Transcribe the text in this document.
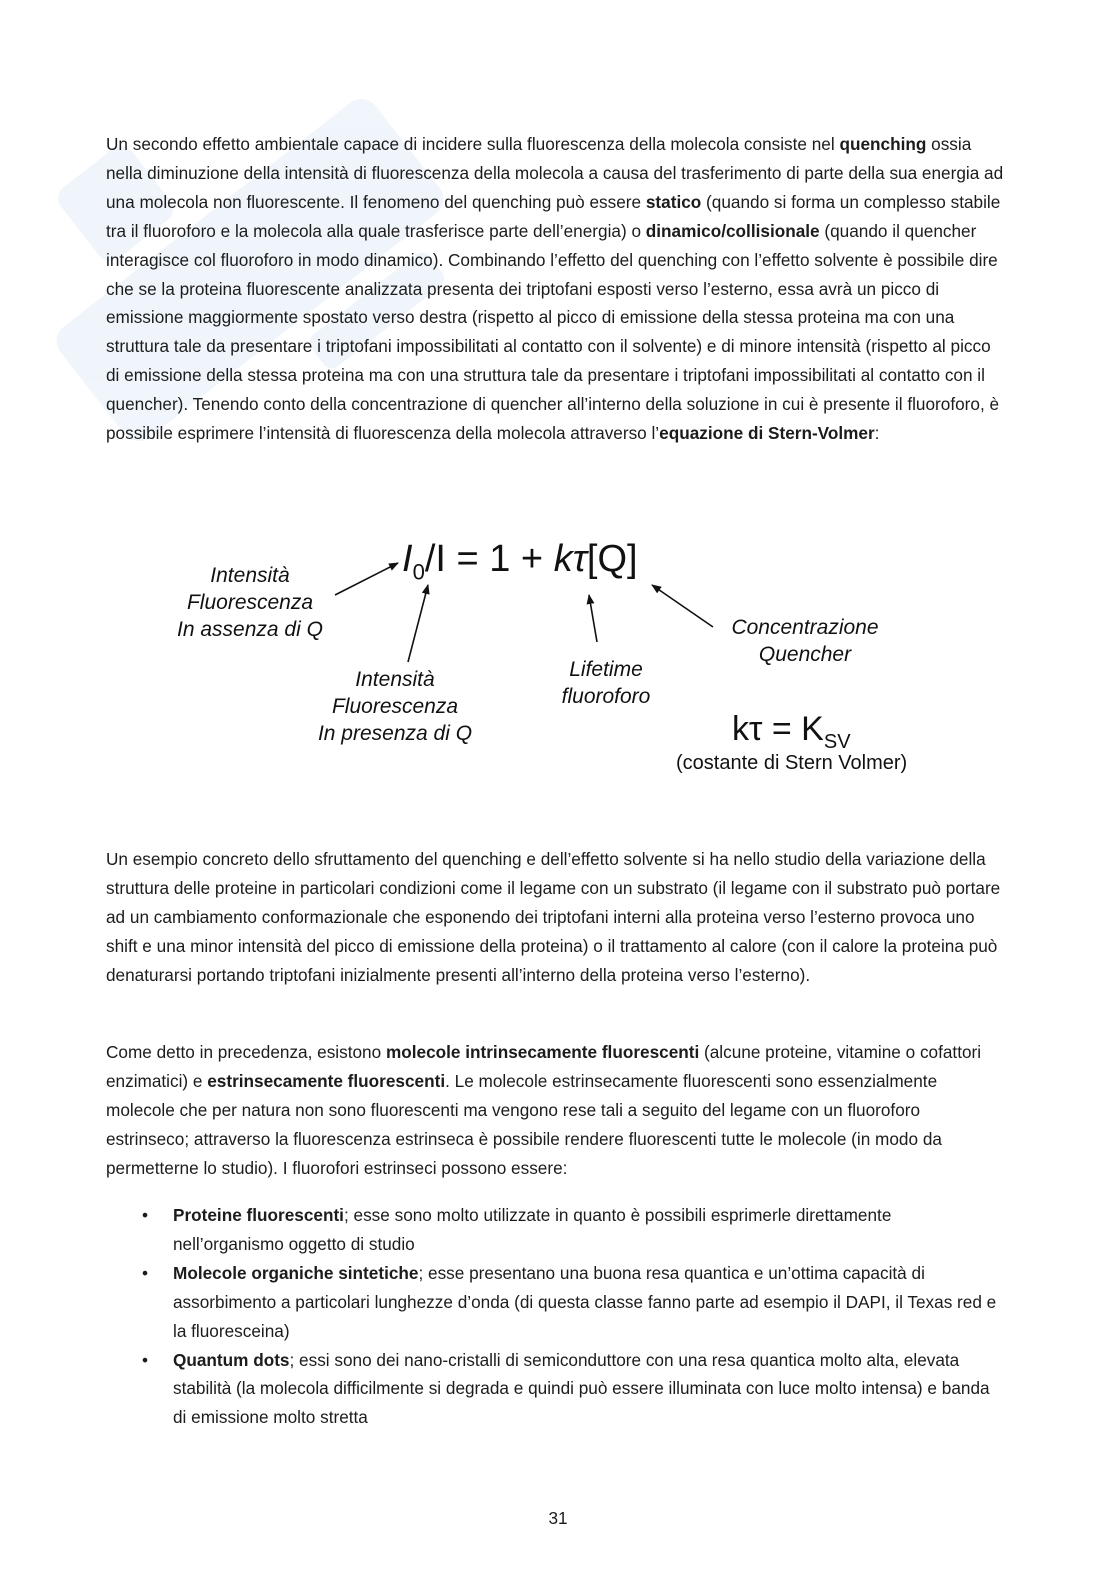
Un secondo effetto ambientale capace di incidere sulla fluorescenza della molecola consiste nel quenching ossia nella diminuzione della intensità di fluorescenza della molecola a causa del trasferimento di parte della sua energia ad una molecola non fluorescente. Il fenomeno del quenching può essere statico (quando si forma un complesso stabile tra il fluoroforo e la molecola alla quale trasferisce parte dell’energia) o dinamico/collisionale (quando il quencher interagisce col fluoroforo in modo dinamico). Combinando l’effetto del quenching con l’effetto solvente è possibile dire che se la proteina fluorescente analizzata presenta dei triptofani esposti verso l’esterno, essa avrà un picco di emissione maggiormente spostato verso destra (rispetto al picco di emissione della stessa proteina ma con una struttura tale da presentare i triptofani impossibilitati al contatto con il solvente) e di minore intensità (rispetto al picco di emissione della stessa proteina ma con una struttura tale da presentare i triptofani impossibilitati al contatto con il quencher). Tenendo conto della concentrazione di quencher all’interno della soluzione in cui è presente il fluoroforo, è possibile esprimere l’intensità di fluorescenza della molecola attraverso l’equazione di Stern-Volmer:

$I_0/I = 1 + k\tau[Q]$
Intensità
Fluorescenza
In assenza di Q
Intensità
Fluorescenza
In presenza di Q
Lifetime
fluoroforo
Concentrazione
Quencher
$k\tau = K_{SV}$
(costante di Stern Volmer)

Un esempio concreto dello sfruttamento del quenching e dell’effetto solvente si ha nello studio della variazione della struttura delle proteine in particolari condizioni come il legame con un substrato (il legame con il substrato può portare ad un cambiamento conformazionale che esponendo dei triptofani interni alla proteina verso l’esterno provoca uno shift e una minor intensità del picco di emissione della proteina) o il trattamento al calore (con il calore la proteina può denaturarsi portando triptofani inizialmente presenti all’interno della proteina verso l’esterno).

Come detto in precedenza, esistono molecole intrinsecamente fluorescenti (alcune proteine, vitamine o cofattori enzimatici) e estrinsecamente fluorescenti. Le molecole estrinsecamente fluorescenti sono essenzialmente molecole che per natura non sono fluorescenti ma vengono rese tali a seguito del legame con un fluoroforo estrinseco; attraverso la fluorescenza estrinseca è possibile rendere fluorescenti tutte le molecole (in modo da permetterne lo studio). I fluorofori estrinseci possono essere:

• Proteine fluorescenti; esse sono molto utilizzate in quanto è possibili esprimerle direttamente nell’organismo oggetto di studio
• Molecole organiche sintetiche; esse presentano una buona resa quantica e un’ottima capacità di assorbimento a particolari lunghezze d’onda (di questa classe fanno parte ad esempio il DAPI, il Texas red e la fluoresceina)
• Quantum dots; essi sono dei nano-cristalli di semiconduttore con una resa quantica molto alta, elevata stabilità (la molecola difficilmente si degrada e quindi può essere illuminata con luce molto intensa) e banda di emissione molto stretta
31
